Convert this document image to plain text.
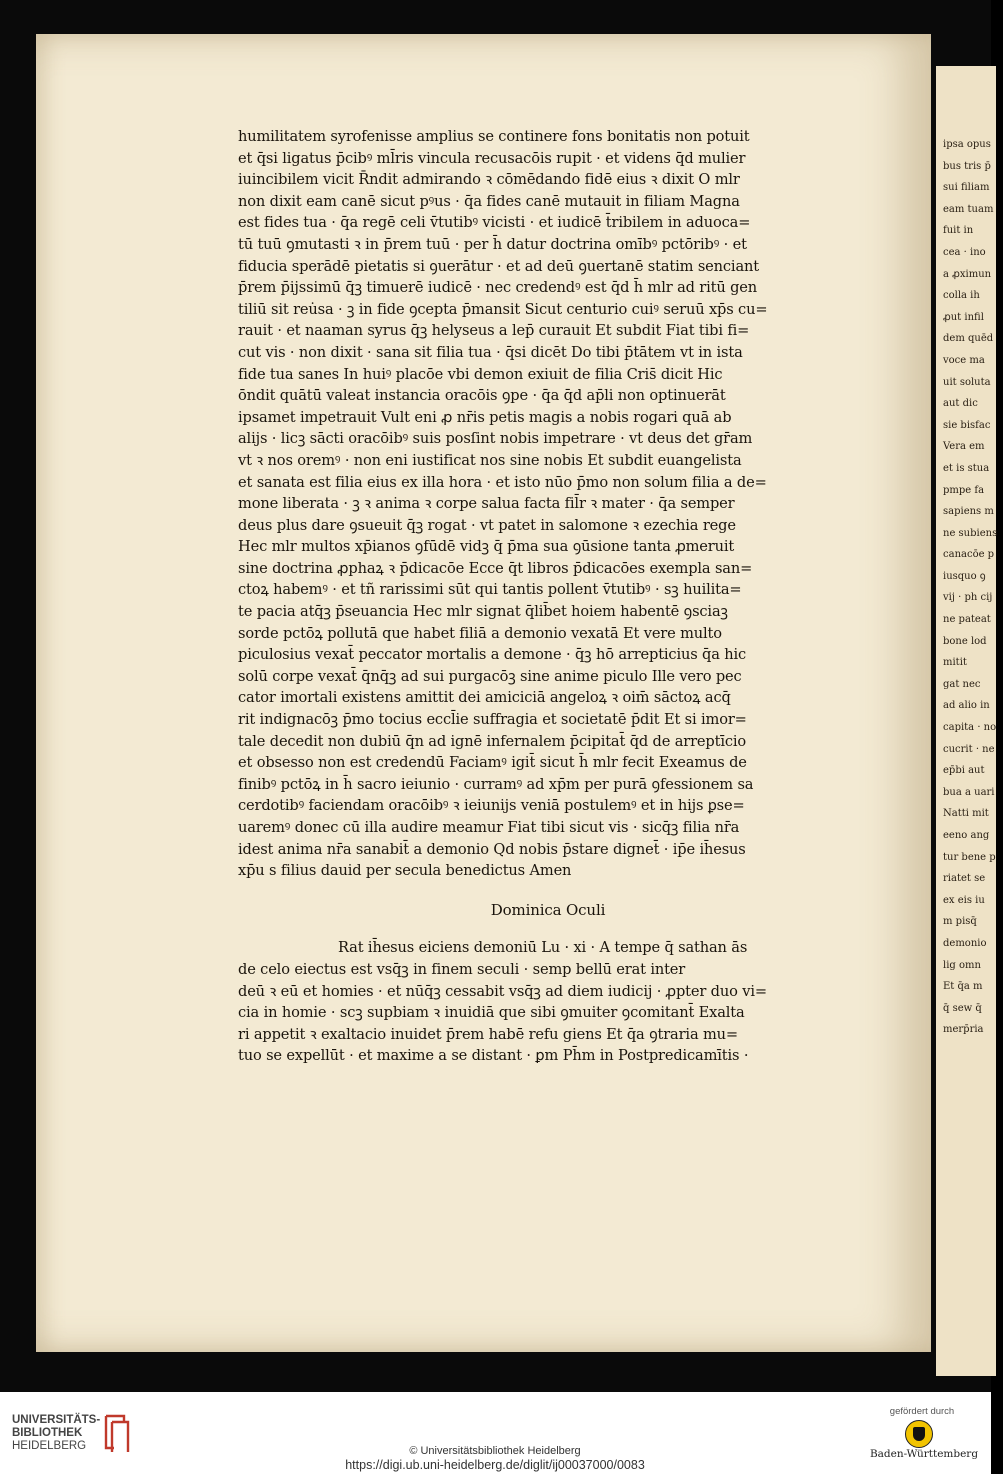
ipsa opus
bus tris p̄
sui filiam
eam tuam
fuit in
cea · ino
a ꝓximun
colla ih
ꝓut infil
dem quēd
voce ma
uit soluta
aut dic
sie bisfac
Vera em
et is stua
pmpe fa
sapiens m
ne subiens
canacōe p
iusquo ꝯ
vij · ph cij
ne pateat
bone lod
mitit
gat nec
ad alio in
capita · no
cucrit · ne
ep̄bi aut
bua a uari
Natti mit
eeno ang
tur bene p
riatet se
ex eis iu
m pisq̄
demonio
lig omn
Et q̄a m
q̄ sew q̄
merp̄ria
humilitatem syrofenisse amplius se continere fons bonitatis non potuit
et q̄si ligatus p̄cibꝰ ml̄ris vincula recusacōis rupit · et videns q̄d mulier
iuincibilem vicit R̄ndit admirando ꝛ cōmēdando fidē eius ꝛ dixit O mlr
non dixit eam canē sicut pꝰus · q̄a fides canē mutauit in filiam Magna
est fides tua · q̄a regē celi v̄tutibꝰ vicisti · et iudicē t̄ribilem in aduoca=
tū tuū ꝯmutasti ꝛ in p̄rem tuū · per h̄ datur doctrina omībꝰ pctōribꝰ · et
fiducia sperādē pietatis si ꝯuerātur · et ad deū ꝯuertanē statim senciant
p̄rem p̄ijssimū q̄ꝫ timuerē iudicē · nec credendꝰ est q̄d h̄ mlr ad ritū gen
tiliū sit reu̇sa · ꝫ in fide ꝯcepta p̄mansit Sicut centurio cuiꝰ seruū xp̄s cu=
rauit · et naaman syrus q̄ꝫ helyseus a lep̄ curauit Et subdit Fiat tibi fi=
cut vis · non dixit · sana sit filia tua · q̄si dicēt Do tibi p̄tātem vt in ista
fide tua sanes In huiꝰ placōe vbi demon exiuit de filia Cris̄ dicit Hic
ōndit quātū valeat instancia oracōis ꝯpe · q̄a q̄d ap̄li non optinuerāt
ipsamet impetrauit Vult eni ꝓ nr̄is petis magis a nobis rogari quā ab
alijs · licꝫ sācti oracōibꝰ suis posſint nobis impetrare · vt deus det gr̄am
vt ꝛ nos oremꝰ · non eni iustificat nos sine nobis Et subdit euangelista
et sanata est filia eius ex illa hora · et isto nūo p̄mo non solum filia a de=
mone liberata · ꝫ ꝛ anima ꝛ corpe salua facta fil̄r ꝛ mater · q̄a semper
deus plus dare ꝯsueuit q̄ꝫ rogat · vt patet in salomone ꝛ ezechia rege
Hec mlr multos xp̄ianos ꝯfūdē vidꝫ q̄ p̄ma sua ꝯūsione tanta ꝓmeruit
sine doctrina ꝓphaꝝ ꝛ p̄dicacōe Ecce q̄t libros p̄dicacōes exempla san=
ctoꝝ habemꝰ · et tñ rarissimi sūt qui tantis pollent v̄tutibꝰ · sꝫ huilita=
te pacia atq̄ꝫ p̄seuancia Hec mlr signat q̄lib̄et hoiem habentē ꝯsciaꝫ
sorde pctōꝝ pollutā que habet filiā a demonio vexatā Et vere multo
piculosius vexat̄ peccator mortalis a demone · q̄ꝫ hō arrepticius q̄a hic
solū corpe vexat̄ q̄nq̄ꝫ ad sui purgacōꝫ sine anime piculo Ille vero pec
cator imortali existens amittit dei amiciciā angeloꝝ ꝛ oim̄ sāctoꝝ acq̄
rit indignacōꝫ p̄mo tocius eccl̄ie suffragia et societatē p̄dit Et si imor=
tale decedit non dubiū q̄n ad ignē infernalem p̄cipitat̄ q̄d de arreptīcio
et obsesso non est credendū Faciamꝰ igit̄ sicut h̄ mlr fecit Exeamus de
finibꝰ pctōꝝ in h̄ sacro ieiunio · curramꝰ ad xp̄m per purā ꝯfessionem sa
cerdotibꝰ faciendam oracōibꝰ ꝛ ieiunijs veniā postulemꝰ et in hijs ꝑse=
uaremꝰ donec cū illa audire meamur Fiat tibi sicut vis · sicq̄ꝫ filia nr̄a
idest anima nr̄a sanabit̄ a demonio Qd nobis p̄stare dignet̄ · ip̄e ih̄esus
xp̄u s filius dauid per secula benedictus Amen
Dominica Oculi
Rat ih̄esus eiciens demoniū Lu · xi · A tempe q̄ sathan ās
de celo eiectus est vsq̄ꝫ in finem seculi · semp bellū erat inter
deū ꝛ eū et homies · et nūq̄ꝫ cessabit vsq̄ꝫ ad diem iudicij · ꝓpter duo vi=
cia in homie · scꝫ supbiam ꝛ inuidiā que sibi ꝯmuiter ꝯcomitant̄ Exalta
ri appetit ꝛ exaltacio inuidet p̄rem habē refu giens Et q̄a ꝯtraria mu=
tuo se expellūt · et maxime a se distant · ꝑm Ph̄m in Postpredicamītis ·
UNIVERSITÄTS-
BIBLIOTHEK
HEIDELBERG	© Universitätsbibliothek Heidelberg
https://digi.ub.uni-heidelberg.de/diglit/ij00037000/0083
gefördert durch
Baden-Württemberg
